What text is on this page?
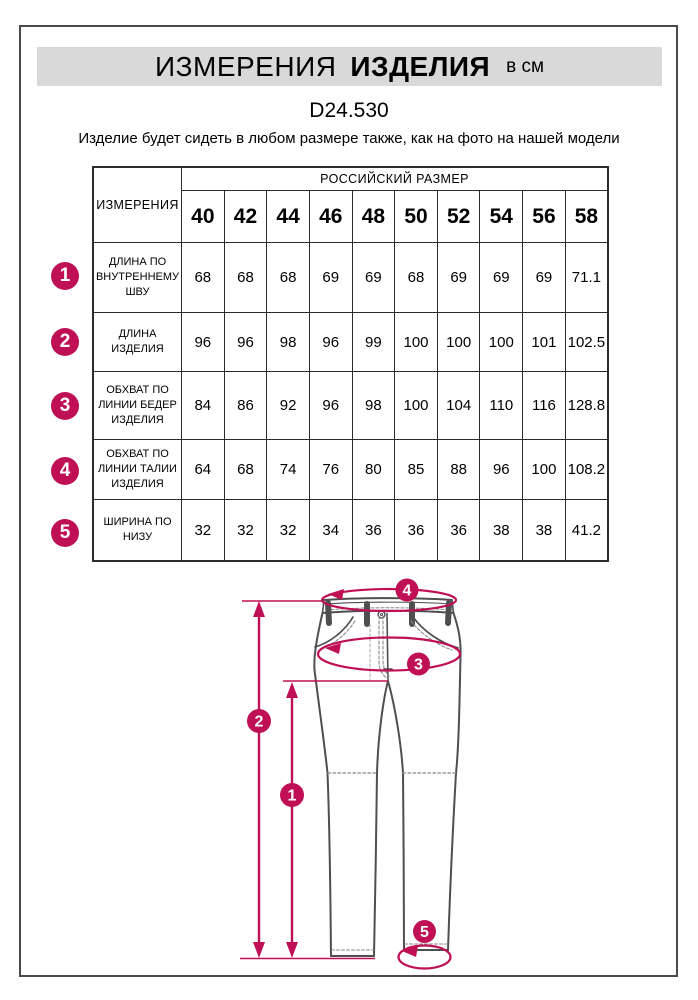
ИЗМЕРЕНИЯ ИЗДЕЛИЯ в см
D24.530
Изделие будет сидеть в любом размере также, как на фото на нашей модели
ИЗМЕРЕНИЯ	РОССИЙСКИЙ РАЗМЕР									
	40	42	44	46	48	50	52	54	56	58
ДЛИНА ПО ВНУТРЕННЕМУ ШВУ	68	68	68	69	69	68	69	69	69	71.1
ДЛИНА ИЗДЕЛИЯ	96	96	98	96	99	100	100	100	101	102.5
ОБХВАТ ПО ЛИНИИ БЕДЕР ИЗДЕЛИЯ	84	86	92	96	98	100	104	110	116	128.8
ОБХВАТ ПО ЛИНИИ ТАЛИИ ИЗДЕЛИЯ	64	68	74	76	80	85	88	96	100	108.2
ШИРИНА ПО НИЗУ	32	32	32	34	36	36	36	38	38	41.2
1
2
3
4
5
4
3
2
1
5
